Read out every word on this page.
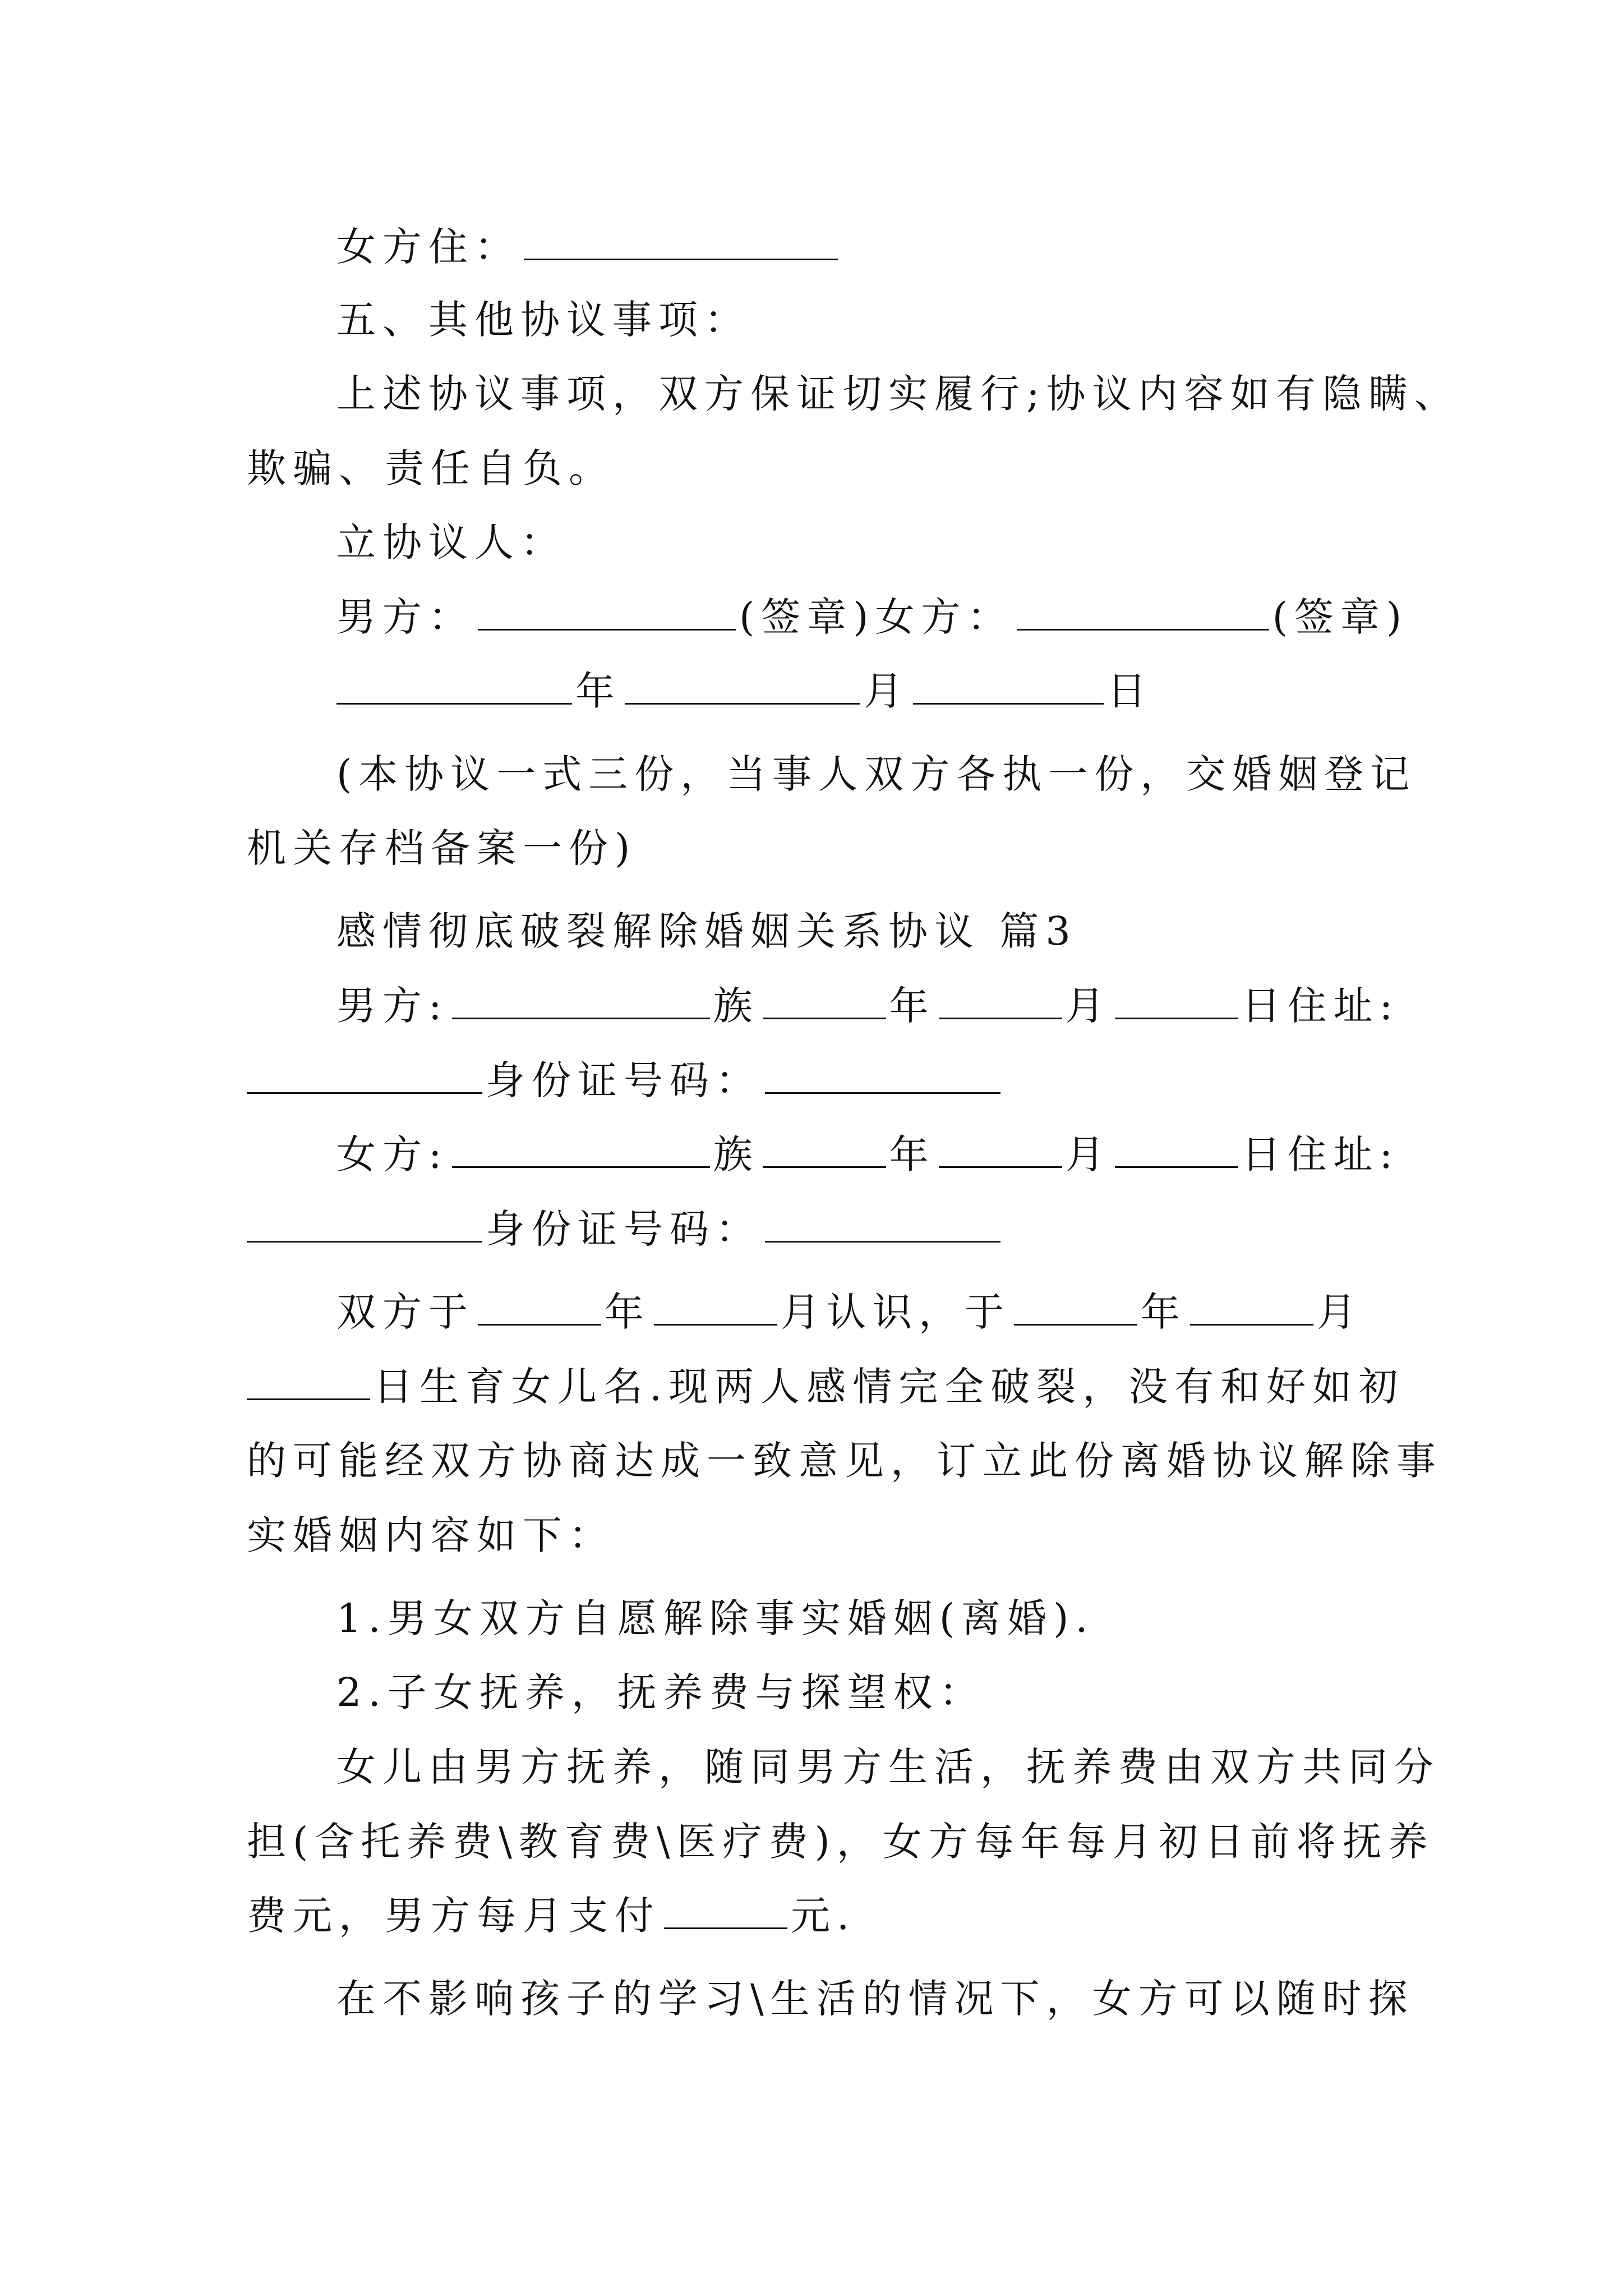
女方住：
五、其他协议事项：
上述协议事项，双方保证切实履行;协议内容如有隐瞒、
欺骗、责任自负。
立协议人：
男方：	(签章)女方：	(签章)
年	月	日
(本协议一式三份，当事人双方各执一份，交婚姻登记
机关存档备案一份)
感情彻底破裂解除婚姻关系协议 篇3
男方:	族	年	月	日住址:
身份证号码：
女方:	族	年	月	日住址:
身份证号码：
双方于	年	月认识，于	年	月
日生育女儿名.现两人感情完全破裂，没有和好如初
的可能经双方协商达成一致意见，订立此份离婚协议解除事
实婚姻内容如下：
1.男女双方自愿解除事实婚姻(离婚).
2.子女抚养，抚养费与探望权：
女儿由男方抚养，随同男方生活，抚养费由双方共同分
担(含托养费\教育费\医疗费)，女方每年每月初日前将抚养
费元，男方每月支付	元.
在不影响孩子的学习\生活的情况下，女方可以随时探
